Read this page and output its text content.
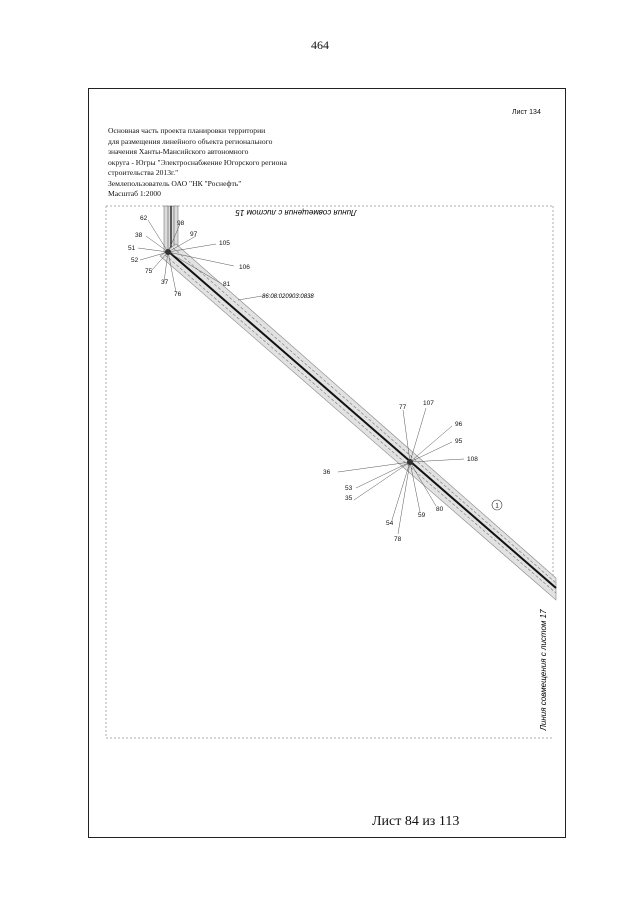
464
Лист 134
Основная часть проекта планировки территории
для размещения линейного объекта регионального
значения Ханты-Мансийского автономного
округа - Югры "Электроснабжение Югорского региона
строительства 2013г."
Землепользователь ОАО "НК "Роснефть"
Масштаб 1:2000
1
Линия совмещения с листом 15
Линия совмещения с листом 17
86:08:020903:0838
62
98
38	97
51
105
52
75
106
37	81
76
77
107
96
95
108
36
53
35
80
59
54
78
Лист 84 из 113
